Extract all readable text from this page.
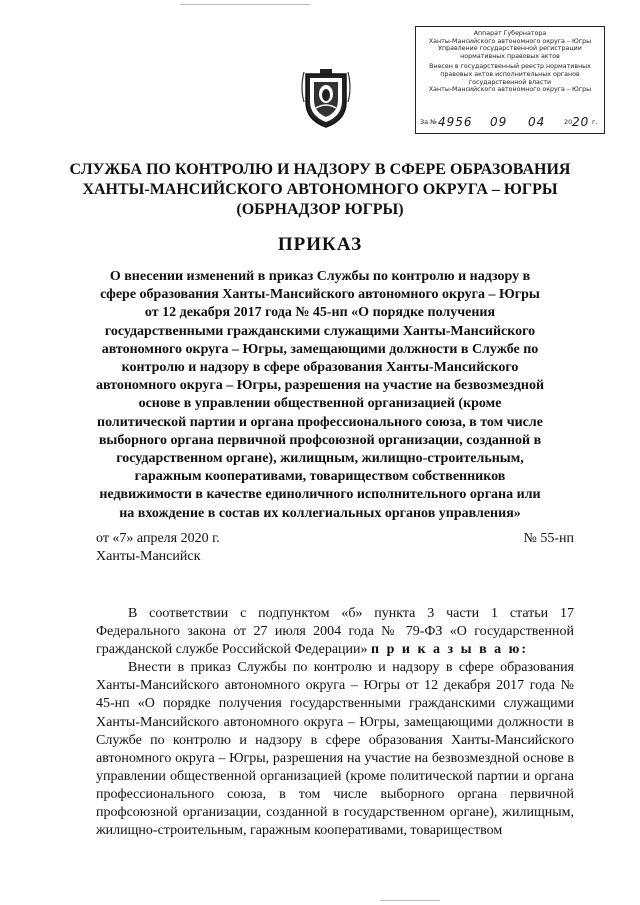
Аппарат Губернатора
Ханты-Мансийского автономного округа – Югры
Управление государственной регистрации
нормативных правовых актов
Внесен в государственный реестр нормативных
правовых актов исполнительных органов
государственной власти
Ханты-Мансийского автономного округа – Югры
За № 4956 09 04	20 20 г.
СЛУЖБА ПО КОНТРОЛЮ И НАДЗОРУ В СФЕРЕ ОБРАЗОВАНИЯ
ХАНТЫ-МАНСИЙСКОГО АВТОНОМНОГО ОКРУГА – ЮГРЫ
(ОБРНАДЗОР ЮГРЫ)
ПРИКАЗ
О внесении изменений в приказ Службы по контролю и надзору в
сфере образования Ханты-Мансийского автономного округа – Югры
от 12 декабря 2017 года № 45-нп «О порядке получения
государственными гражданскими служащими Ханты-Мансийского
автономного округа – Югры, замещающими должности в Службе по
контролю и надзору в сфере образования Ханты-Мансийского
автономного округа – Югры, разрешения на участие на безвозмездной
основе в управлении общественной организацией (кроме
политической партии и органа профессионального союза, в том числе
выборного органа первичной профсоюзной организации, созданной в
государственном органе), жилищным, жилищно-строительным,
гаражным кооперативами, товариществом собственников
недвижимости в качестве единоличного исполнительного органа или
на вхождение в состав их коллегиальных органов управления»
от «7» апреля 2020 г.	№ 55-нп
Ханты-Мансийск

В соответствии с подпунктом «б» пункта 3 части 1 статьи 17 Федерального закона от 27 июля 2004 года № 79-ФЗ «О государственной гражданской службе Российской Федерации» п р и к а з ы в а ю:

Внести в приказ Службы по контролю и надзору в сфере образования Ханты-Мансийского автономного округа – Югры от 12 декабря 2017 года № 45-нп «О порядке получения государственными гражданскими служащими Ханты-Мансийского автономного округа – Югры, замещающими должности в Службе по контролю и надзору в сфере образования Ханты-Мансийского автономного округа – Югры, разрешения на участие на безвозмездной основе в управлении общественной организацией (кроме политической партии и органа профессионального союза, в том числе выборного органа первичной профсоюзной организации, созданной в государственном органе), жилищным, жилищно-строительным, гаражным кооперативами, товариществом
